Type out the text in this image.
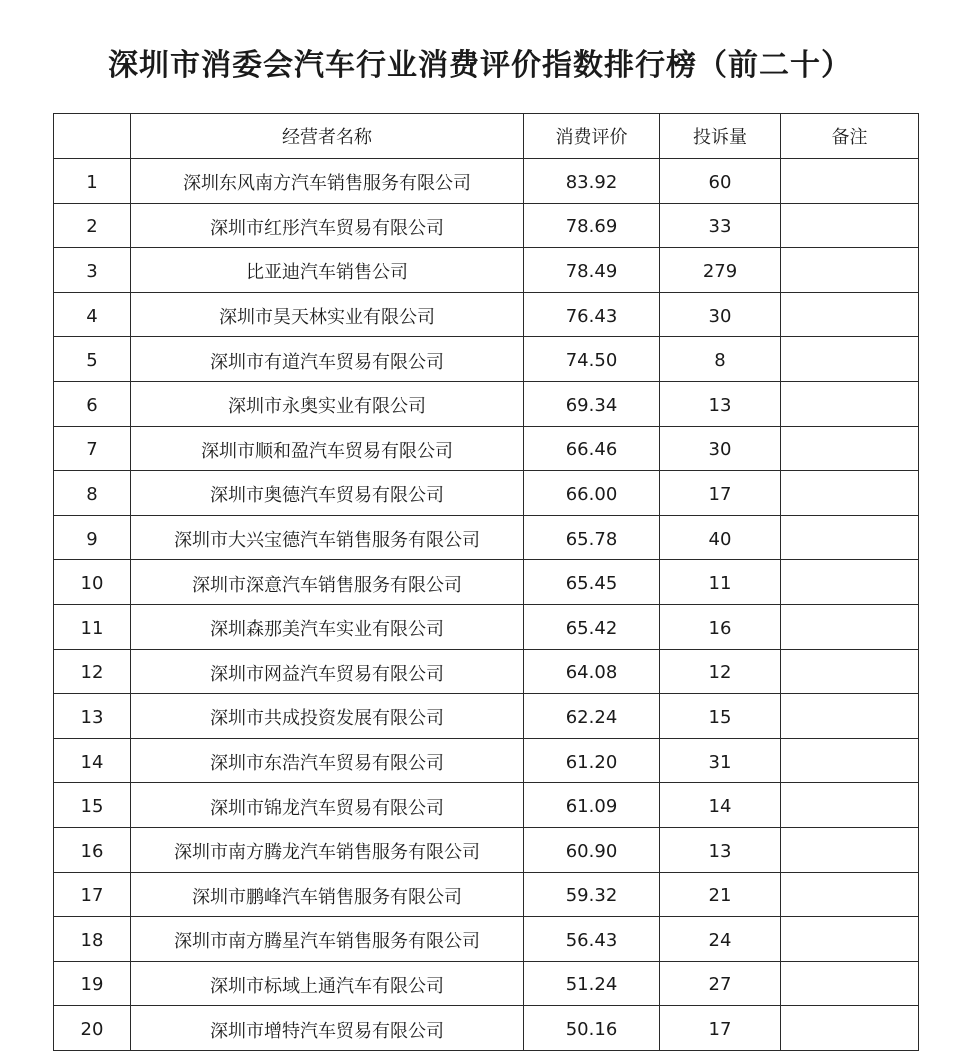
深圳市消委会汽车行业消费评价指数排行榜（前二十）
	经营者名称	消费评价	投诉量	备注
1	深圳东风南方汽车销售服务有限公司	83.92	60	
2	深圳市红彤汽车贸易有限公司	78.69	33	
3	比亚迪汽车销售公司	78.49	279	
4	深圳市昊天林实业有限公司	76.43	30	
5	深圳市有道汽车贸易有限公司	74.50	8	
6	深圳市永奥实业有限公司	69.34	13	
7	深圳市顺和盈汽车贸易有限公司	66.46	30	
8	深圳市奥德汽车贸易有限公司	66.00	17	
9	深圳市大兴宝德汽车销售服务有限公司	65.78	40	
10	深圳市深意汽车销售服务有限公司	65.45	11	
11	深圳森那美汽车实业有限公司	65.42	16	
12	深圳市网益汽车贸易有限公司	64.08	12	
13	深圳市共成投资发展有限公司	62.24	15	
14	深圳市东浩汽车贸易有限公司	61.20	31	
15	深圳市锦龙汽车贸易有限公司	61.09	14	
16	深圳市南方腾龙汽车销售服务有限公司	60.90	13	
17	深圳市鹏峰汽车销售服务有限公司	59.32	21	
18	深圳市南方腾星汽车销售服务有限公司	56.43	24	
19	深圳市标域上通汽车有限公司	51.24	27	
20	深圳市增特汽车贸易有限公司	50.16	17	
